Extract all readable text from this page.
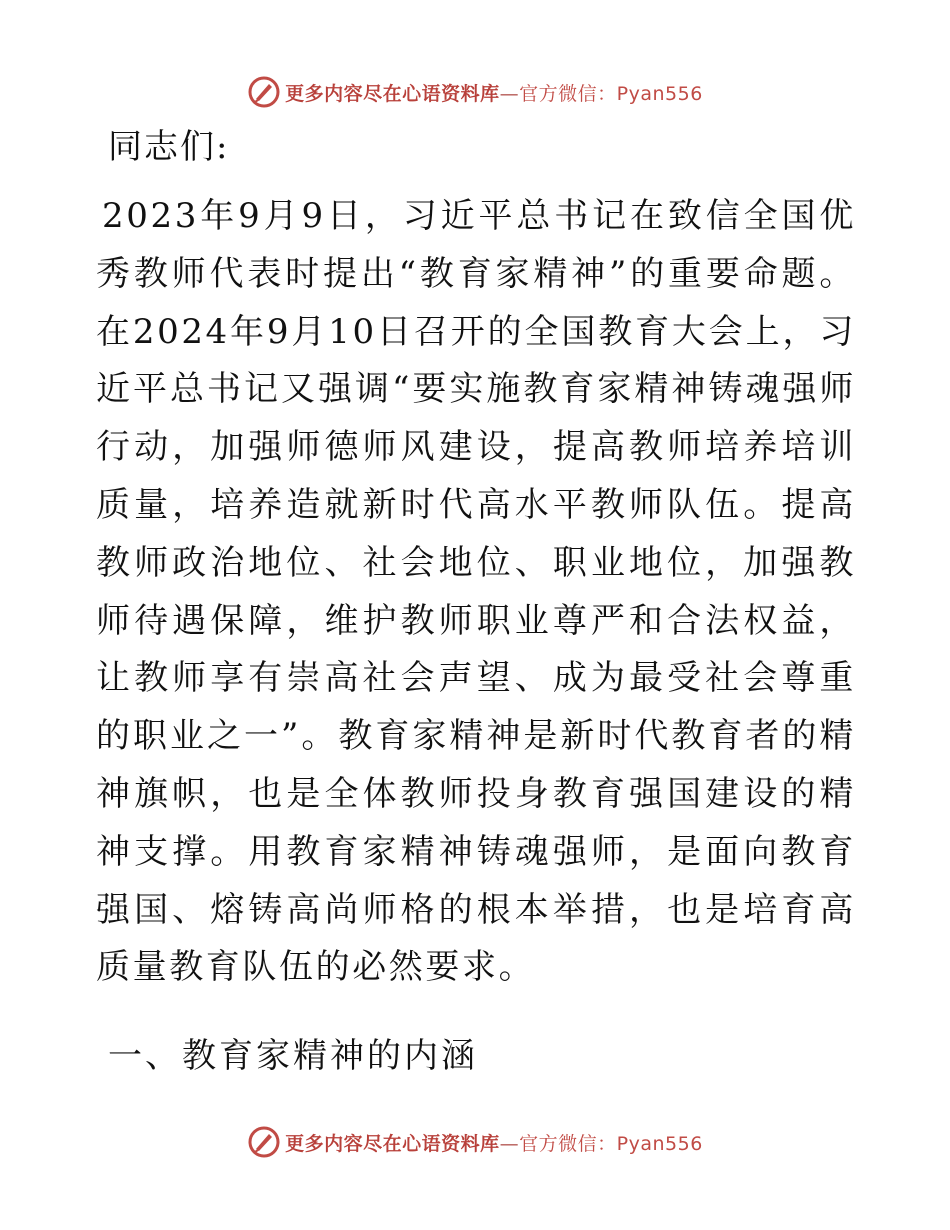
更多内容尽在心语资料库—官方微信：Pyan556

同志们:

2023年9月9日，习近平总书记在致信全国优秀教师代表时提出“教育家精神”的重要命题。在2024年9月10日召开的全国教育大会上，习近平总书记又强调“要实施教育家精神铸魂强师行动，加强师德师风建设，提高教师培养培训质量，培养造就新时代高水平教师队伍。提高教师政治地位、社会地位、职业地位，加强教师待遇保障，维护教师职业尊严和合法权益，让教师享有崇高社会声望、成为最受社会尊重的职业之一”。教育家精神是新时代教育者的精神旗帜，也是全体教师投身教育强国建设的精神支撑。用教育家精神铸魂强师，是面向教育强国、熔铸高尚师格的根本举措，也是培育高质量教育队伍的必然要求。

一、教育家精神的内涵

更多内容尽在心语资料库—官方微信：Pyan556
